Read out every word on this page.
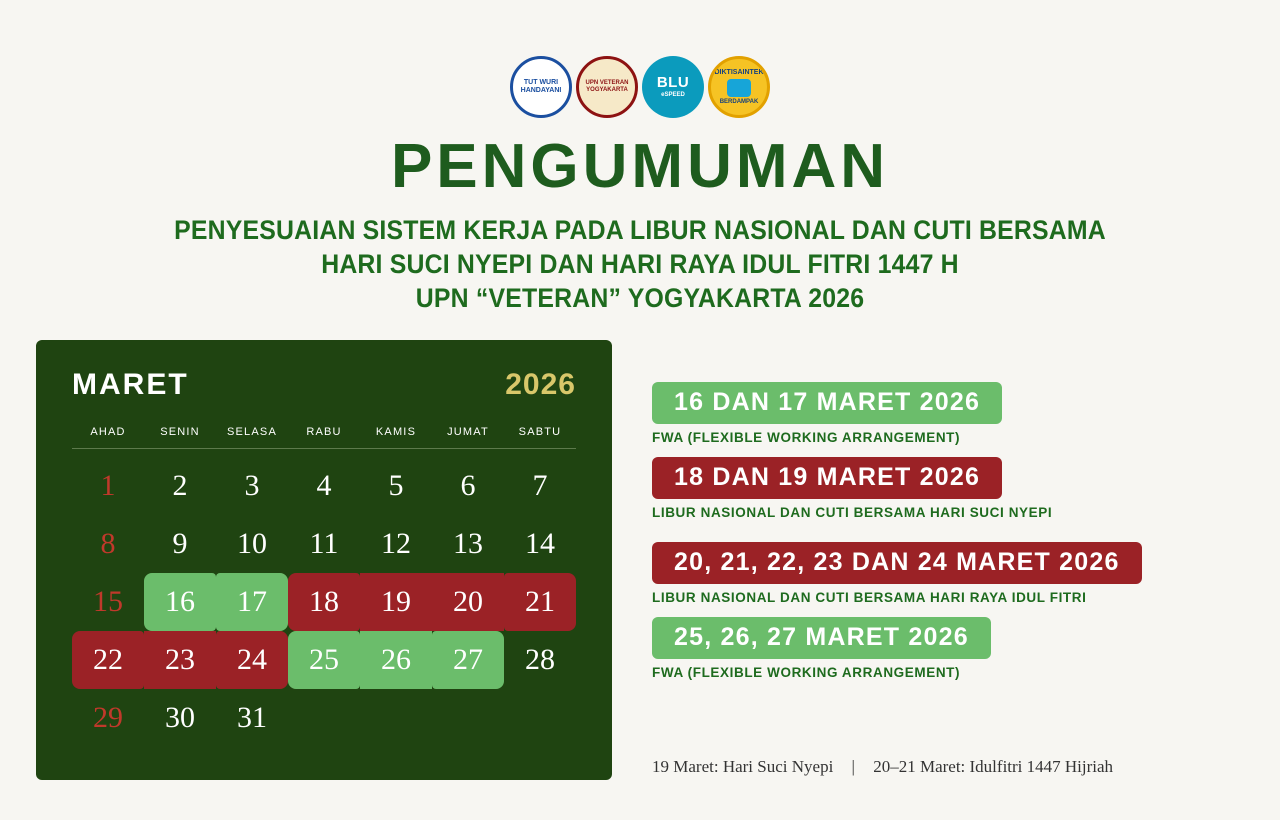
TUT WURI HANDAYANI
UPN VETERAN YOGYAKARTA	BLU
eSPEED
DIKTISAINTEK
BERDAMPAK
PENGUMUMAN
PENYESUAIAN SISTEM KERJA PADA LIBUR NASIONAL DAN CUTI BERSAMA
HARI SUCI NYEPI DAN HARI RAYA IDUL FITRI 1447 H
UPN “VETERAN” YOGYAKARTA 2026
MARET	2026
AHAD	SENIN	SELASA	RABU	KAMIS	JUMAT	SABTU
1	2	3	4	5	6	7
8	9	10	11	12	13	14
15	16	17	18	19	20	21
22	23	24	25	26	27	28
29	30	31
16 DAN 17 MARET 2026
FWA (FLEXIBLE WORKING ARRANGEMENT)
18 DAN 19 MARET 2026
LIBUR NASIONAL DAN CUTI BERSAMA HARI SUCI NYEPI
20, 21, 22, 23 DAN 24 MARET 2026
LIBUR NASIONAL DAN CUTI BERSAMA HARI RAYA IDUL FITRI
25, 26, 27 MARET 2026
FWA (FLEXIBLE WORKING ARRANGEMENT)
19 Maret: Hari Suci Nyepi | 20–21 Maret: Idulfitri 1447 Hijriah
